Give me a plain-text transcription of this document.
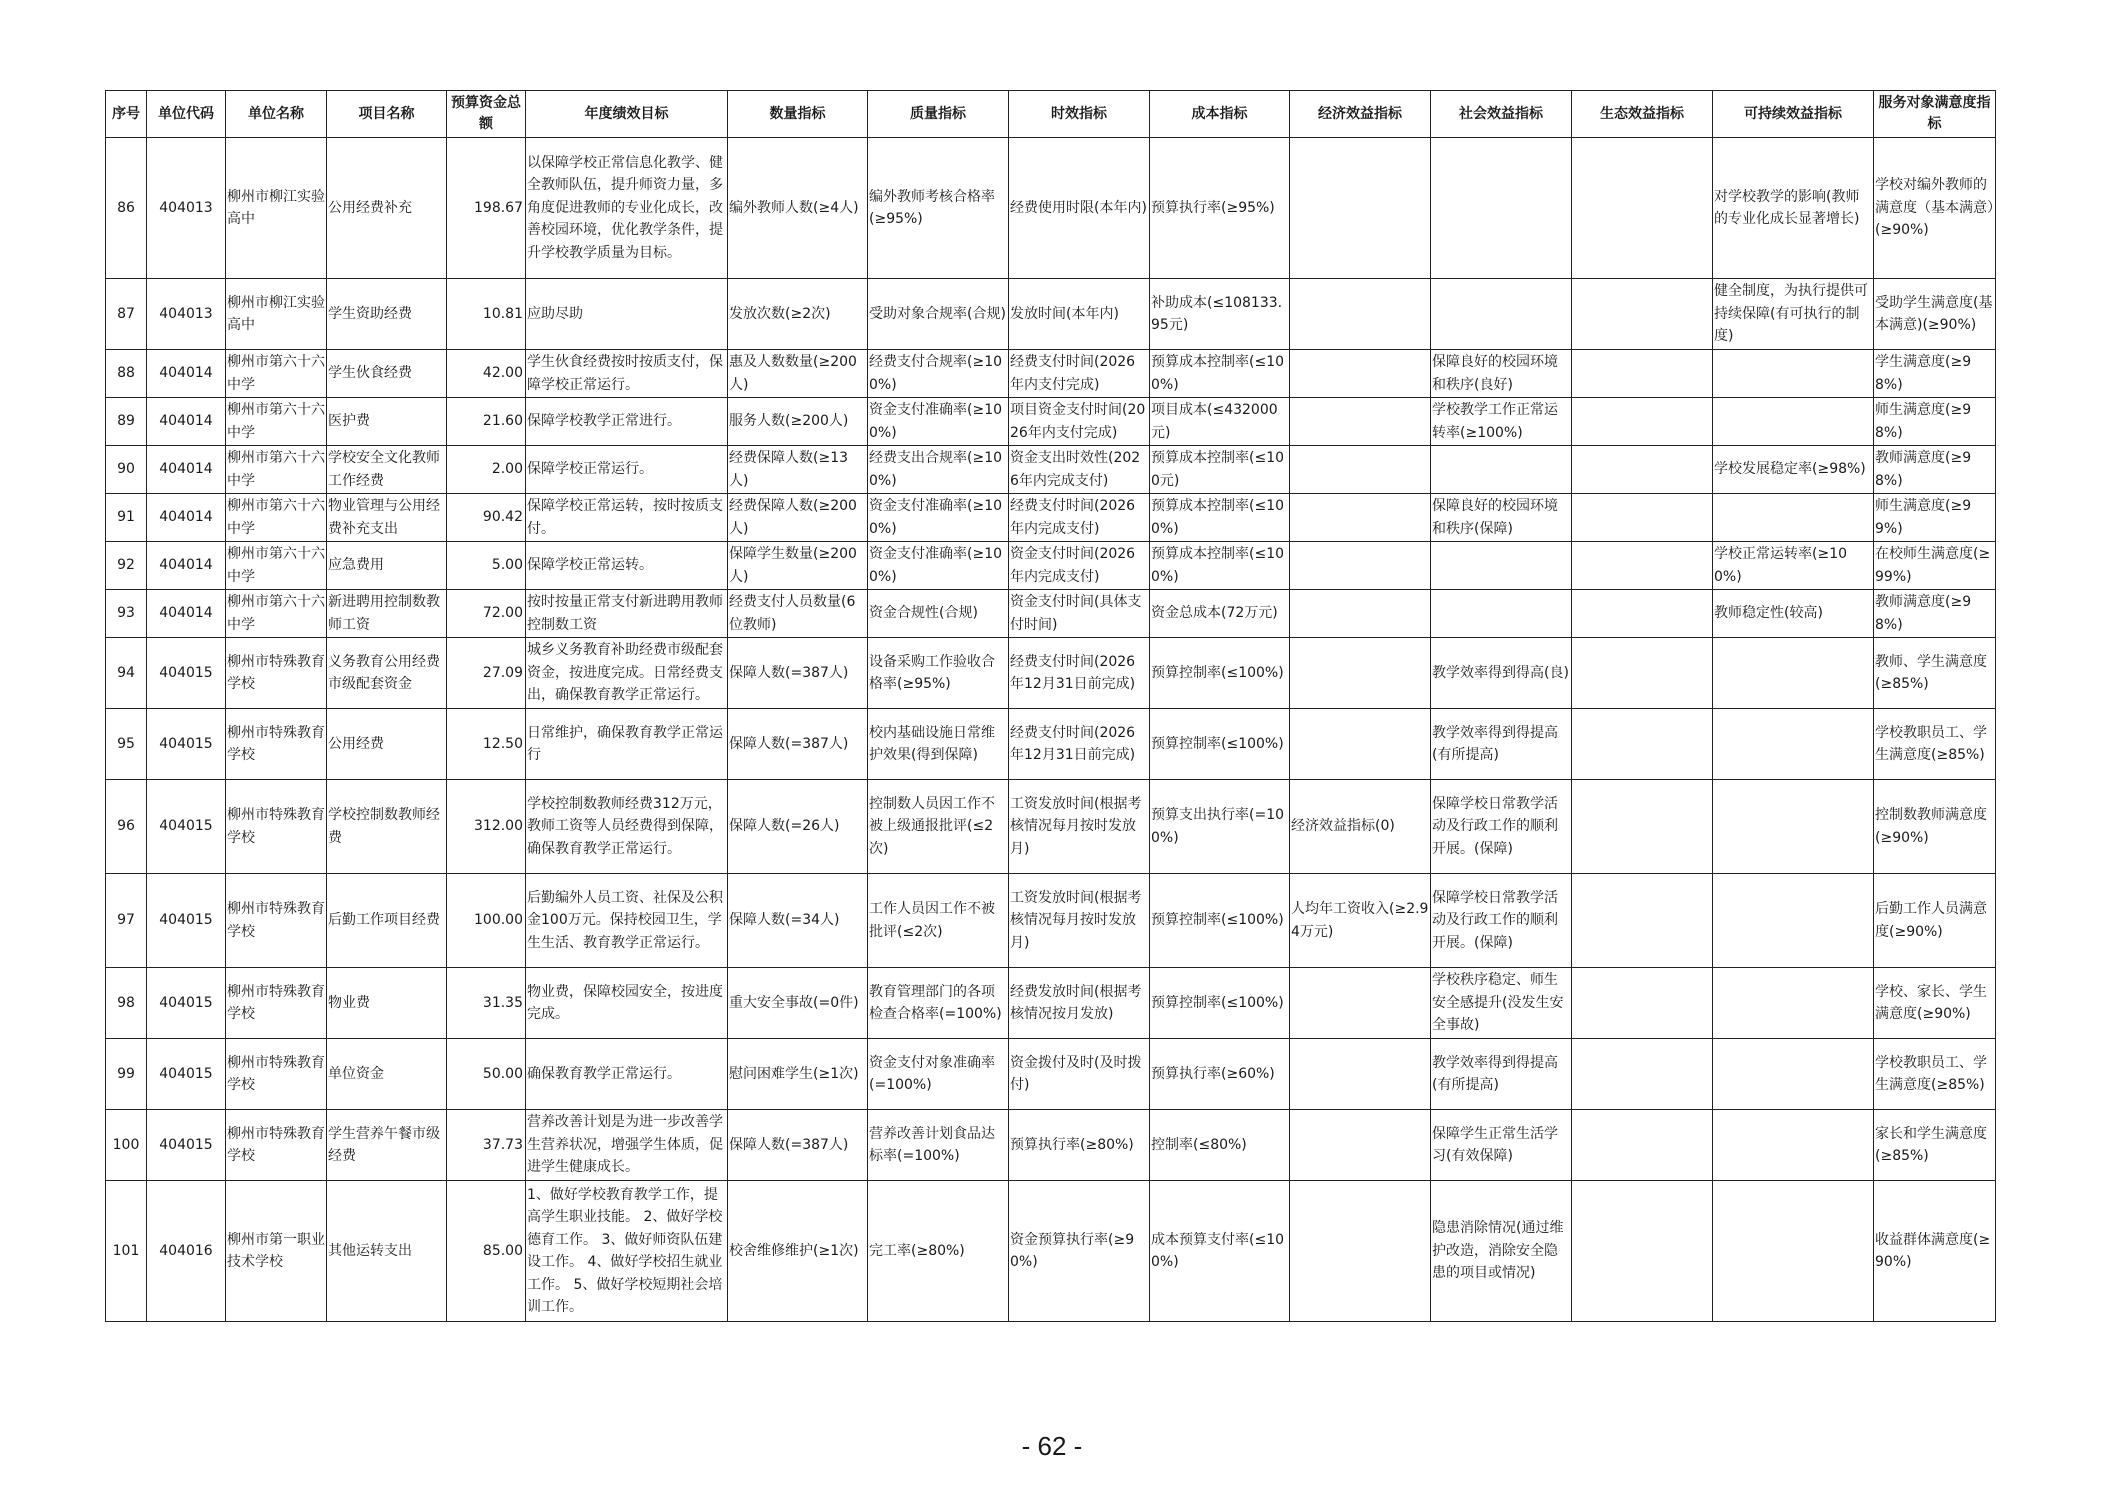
序号	单位代码	单位名称	项目名称	预算资金总额	年度绩效目标	数量指标	质量指标	时效指标	成本指标	经济效益指标	社会效益指标	生态效益指标	可持续效益指标	服务对象满意度指标
86	404013	柳州市柳江实验高中	公用经费补充	198.67	以保障学校正常信息化教学、健全教师队伍，提升师资力量，多角度促进教师的专业化成长，改善校园环境，优化教学条件，提升学校教学质量为目标。	编外教师人数(≥4人)	编外教师考核合格率(≥95%)	经费使用时限(本年内)	预算执行率(≥95%)				对学校教学的影响(教师的专业化成长显著增长)	学校对编外教师的满意度（基本满意）(≥90%)
87	404013	柳州市柳江实验高中	学生资助经费	10.81	应助尽助	发放次数(≥2次)	受助对象合规率(合规)	发放时间(本年内)	补助成本(≤108133.95元)				健全制度，为执行提供可持续保障(有可执行的制度)	受助学生满意度(基本满意)(≥90%)
88	404014	柳州市第六十六中学	学生伙食经费	42.00	学生伙食经费按时按质支付，保障学校正常运行。	惠及人数数量(≥200人)	经费支付合规率(≥100%)	经费支付时间(2026年内支付完成)	预算成本控制率(≤100%)		保障良好的校园环境和秩序(良好)			学生满意度(≥98%)
89	404014	柳州市第六十六中学	医护费	21.60	保障学校教学正常进行。	服务人数(≥200人)	资金支付准确率(≥100%)	项目资金支付时间(2026年内支付完成)	项目成本(≤432000元)		学校教学工作正常运转率(≥100%)			师生满意度(≥98%)
90	404014	柳州市第六十六中学	学校安全文化教师工作经费	2.00	保障学校正常运行。	经费保障人数(≥13人)	经费支出合规率(≥100%)	资金支出时效性(2026年内完成支付)	预算成本控制率(≤100元)				学校发展稳定率(≥98%)	教师满意度(≥98%)
91	404014	柳州市第六十六中学	物业管理与公用经费补充支出	90.42	保障学校正常运转，按时按质支付。	经费保障人数(≥200人)	资金支付准确率(≥100%)	经费支付时间(2026年内完成支付)	预算成本控制率(≤100%)		保障良好的校园环境和秩序(保障)			师生满意度(≥99%)
92	404014	柳州市第六十六中学	应急费用	5.00	保障学校正常运转。	保障学生数量(≥200人)	资金支付准确率(≥100%)	资金支付时间(2026年内完成支付)	预算成本控制率(≤100%)				学校正常运转率(≥100%)	在校师生满意度(≥99%)
93	404014	柳州市第六十六中学	新进聘用控制数教师工资	72.00	按时按量正常支付新进聘用教师控制数工资	经费支付人员数量(6位教师)	资金合规性(合规)	资金支付时间(具体支付时间)	资金总成本(72万元)				教师稳定性(较高)	教师满意度(≥98%)
94	404015	柳州市特殊教育学校	义务教育公用经费市级配套资金	27.09	城乡义务教育补助经费市级配套资金，按进度完成。日常经费支出，确保教育教学正常运行。	保障人数(=387人)	设备采购工作验收合格率(≥95%)	经费支付时间(2026年12月31日前完成)	预算控制率(≤100%)		教学效率得到得高(良)			教师、学生满意度(≥85%)
95	404015	柳州市特殊教育学校	公用经费	12.50	日常维护，确保教育教学正常运行	保障人数(=387人)	校内基础设施日常维护效果(得到保障)	经费支付时间(2026年12月31日前完成)	预算控制率(≤100%)		教学效率得到得提高(有所提高)			学校教职员工、学生满意度(≥85%)
96	404015	柳州市特殊教育学校	学校控制数教师经费	312.00	学校控制数教师经费312万元，教师工资等人员经费得到保障，确保教育教学正常运行。	保障人数(=26人)	控制数人员因工作不被上级通报批评(≤2次)	工资发放时间(根据考核情况每月按时发放月)	预算支出执行率(=100%)	经济效益指标(0)	保障学校日常教学活动及行政工作的顺利开展。(保障)			控制数教师满意度(≥90%)
97	404015	柳州市特殊教育学校	后勤工作项目经费	100.00	后勤编外人员工资、社保及公积金100万元。保持校园卫生，学生生活、教育教学正常运行。	保障人数(=34人)	工作人员因工作不被批评(≤2次)	工资发放时间(根据考核情况每月按时发放月)	预算控制率(≤100%)	人均年工资收入(≥2.94万元)	保障学校日常教学活动及行政工作的顺利开展。(保障)			后勤工作人员满意度(≥90%)
98	404015	柳州市特殊教育学校	物业费	31.35	物业费，保障校园安全，按进度完成。	重大安全事故(=0件)	教育管理部门的各项检查合格率(=100%)	经费发放时间(根据考核情况按月发放)	预算控制率(≤100%)		学校秩序稳定、师生安全感提升(没发生安全事故)			学校、家长、学生满意度(≥90%)
99	404015	柳州市特殊教育学校	单位资金	50.00	确保教育教学正常运行。	慰问困难学生(≥1次)	资金支付对象准确率(=100%)	资金拨付及时(及时拨付)	预算执行率(≥60%)		教学效率得到得提高(有所提高)			学校教职员工、学生满意度(≥85%)
100	404015	柳州市特殊教育学校	学生营养午餐市级经费	37.73	营养改善计划是为进一步改善学生营养状况，增强学生体质，促进学生健康成长。	保障人数(=387人)	营养改善计划食品达标率(=100%)	预算执行率(≥80%)	控制率(≤80%)		保障学生正常生活学习(有效保障)			家长和学生满意度(≥85%)
101	404016	柳州市第一职业技术学校	其他运转支出	85.00	1、做好学校教育教学工作，提高学生职业技能。 2、做好学校德育工作。 3、做好师资队伍建设工作。 4、做好学校招生就业工作。 5、做好学校短期社会培训工作。	校舍维修维护(≥1次)	完工率(≥80%)	资金预算执行率(≥90%)	成本预算支付率(≤100%)		隐患消除情况(通过维护改造，消除安全隐患的项目或情况)			收益群体满意度(≥90%)
- 62 -
